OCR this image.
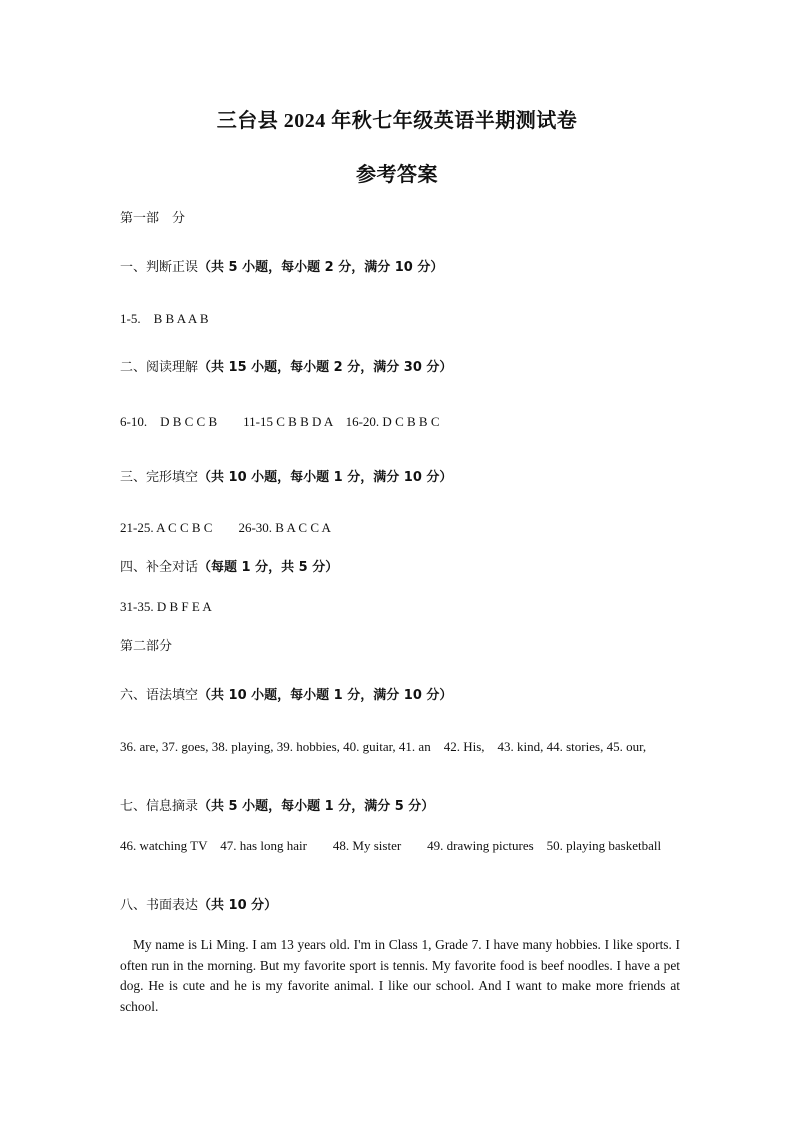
三台县 2024 年秋七年级英语半期测试卷
参考答案
第一部　分
一、判断正误（共 5 小题，每小题 2 分，满分 10 分）
1-5.　B B A A B
二、阅读理解（共 15 小题，每小题 2 分，满分 30 分）
6-10.　D B C C B　　11-15 C B B D A　16-20. D C B B C
三、完形填空（共 10 小题，每小题 1 分，满分 10 分）
21-25. A C C B C　　26-30. B A C C A
四、补全对话（每题 1 分，共 5 分）
31-35. D B F E A
第二部分
六、语法填空（共 10 小题，每小题 1 分，满分 10 分）
36. are, 37. goes, 38. playing, 39. hobbies, 40. guitar, 41. an　42. His,　43. kind, 44. stories, 45. our,
七、信息摘录（共 5 小题，每小题 1 分，满分 5 分）
46. watching TV　47. has long hair　　48. My sister　　49. drawing pictures　50. playing basketball
八、书面表达（共 10 分）
My name is Li Ming. I am 13 years old. I'm in Class 1, Grade 7. I have many hobbies. I like sports. I often run in the morning. But my favorite sport is tennis. My favorite food is beef noodles. I have a pet dog. He is cute and he is my favorite animal. I like our school. And I want to make more friends at school.
